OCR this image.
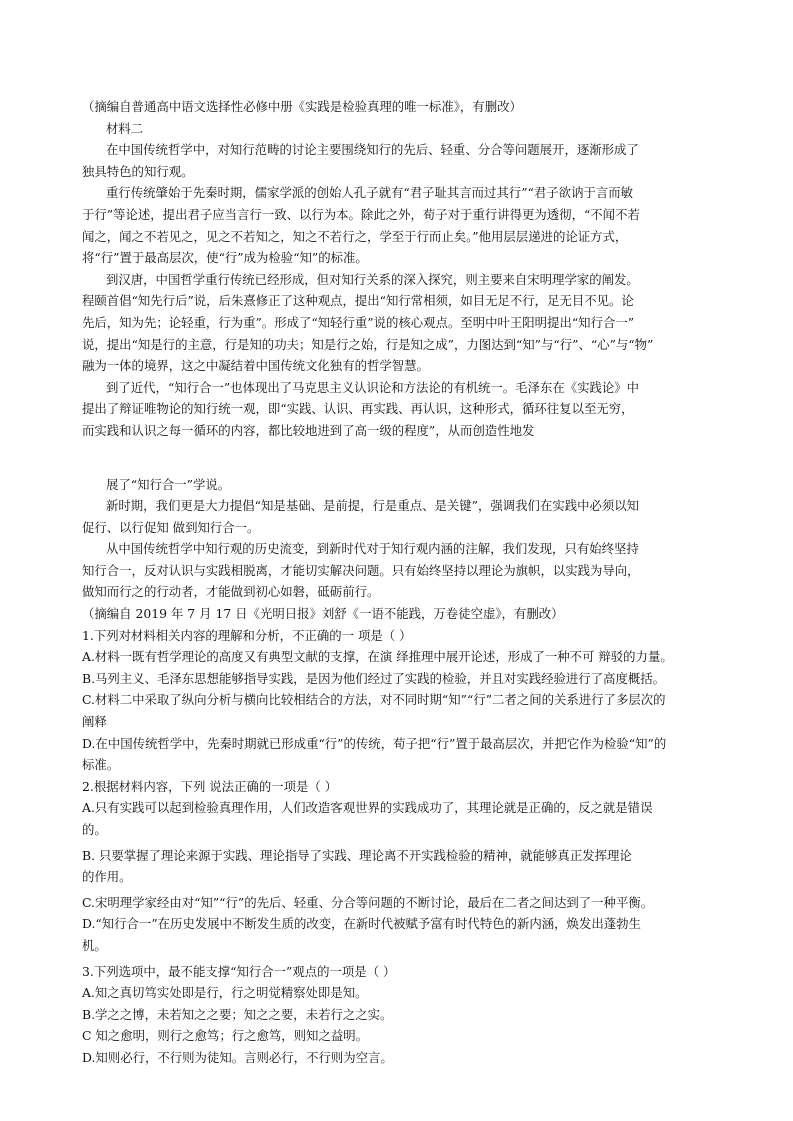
（摘编自普通高中语文选择性必修中册《实践是检验真理的唯一标准》，有删改）
材料二
在中国传统哲学中，对知行范畴的讨论主要围绕知行的先后、轻重、分合等问题展开，逐渐形成了
独具特色的知行观。
重行传统肇始于先秦时期，儒家学派的创始人孔子就有“君子耻其言而过其行”“君子欲讷于言而敏
于行”等论述，提出君子应当言行一致、以行为本。除此之外，荀子对于重行讲得更为透彻，“不闻不若
闻之，闻之不若见之，见之不若知之，知之不若行之，学至于行而止矣。”他用层层递进的论证方式，
将“行”置于最高层次，使“行”成为检验“知”的标准。
到汉唐，中国哲学重行传统已经形成，但对知行关系的深入探究，则主要来自宋明理学家的阐发。
程颐首倡“知先行后”说，后朱熹修正了这种观点，提出“知行常相须，如目无足不行，足无目不见。论
先后，知为先；论轻重，行为重”。形成了“知轻行重”说的核心观点。至明中叶王阳明提出“知行合一”
说，提出“知是行的主意，行是知的功夫；知是行之始，行是知之成”，力图达到“知”与“行”、“心”与“物”
融为一体的境界，这之中凝结着中国传统文化独有的哲学智慧。
到了近代，“知行合一”也体现出了马克思主义认识论和方法论的有机统一。毛泽东在《实践论》中
提出了辩证唯物论的知行统一观，即“实践、认识、再实践、再认识，这种形式，循环往复以至无穷，
而实践和认识之每一循环的内容，都比较地进到了高一级的程度”，从而创造性地发
展了“知行合一”学说。
新时期，我们更是大力提倡“知是基础、是前提，行是重点、是关键”，强调我们在实践中必须以知
促行、以行促知 做到知行合一。
从中国传统哲学中知行观的历史流变，到新时代对于知行观内涵的注解，我们发现，只有始终坚持
知行合一，反对认识与实践相脱离，才能切实解决问题。只有始终坚持以理论为旗帜，以实践为导向，
做知而行之的行动者，才能做到初心如磐，砥砺前行。
（摘编自 2019 年 7 月 17 日《光明日报》刘舒《一语不能践，万卷徒空虚》，有删改）
1.下列对材料相关内容的理解和分析，不正确的一 项是（ ）
A.材料一既有哲学理论的高度又有典型文献的支撑，在演 绎推理中展开论述，形成了一种不可 辩驳的力量。
B.马列主义、毛泽东思想能够指导实践，是因为他们经过了实践的检验，并且对实践经验进行了高度概括。
C.材料二中采取了纵向分析与横向比较相结合的方法，对不同时期“知”“行”二者之间的关系进行了多层次的
阐释
D.在中国传统哲学中，先秦时期就已形成重“行”的传统，荀子把“行”置于最高层次，并把它作为检验“知”的
标准。
2.根据材料内容，下列 说法正确的一项是（ ）
A.只有实践可以起到检验真理作用，人们改造客观世界的实践成功了，其理论就是正确的，反之就是错误
的。
B. 只要掌握了理论来源于实践、理论指导了实践、理论离不开实践检验的精神，就能够真正发挥理论
的作用。
C.宋明理学家经由对“知”“行”的先后、轻重、分合等问题的不断讨论，最后在二者之间达到了一种平衡。
D.“知行合一”在历史发展中不断发生质的改变，在新时代被赋予富有时代特色的新内涵，焕发出蓬勃生
机。
3.下列选项中，最不能支撑“知行合一”观点的一项是（ ）
A.知之真切笃实处即是行，行之明觉精察处即是知。
B.学之之博，未若知之之要；知之之要，未若行之之实。
C 知之愈明，则行之愈笃；行之愈笃，则知之益明。
D.知则必行，不行则为徒知。言则必行，不行则为空言。
